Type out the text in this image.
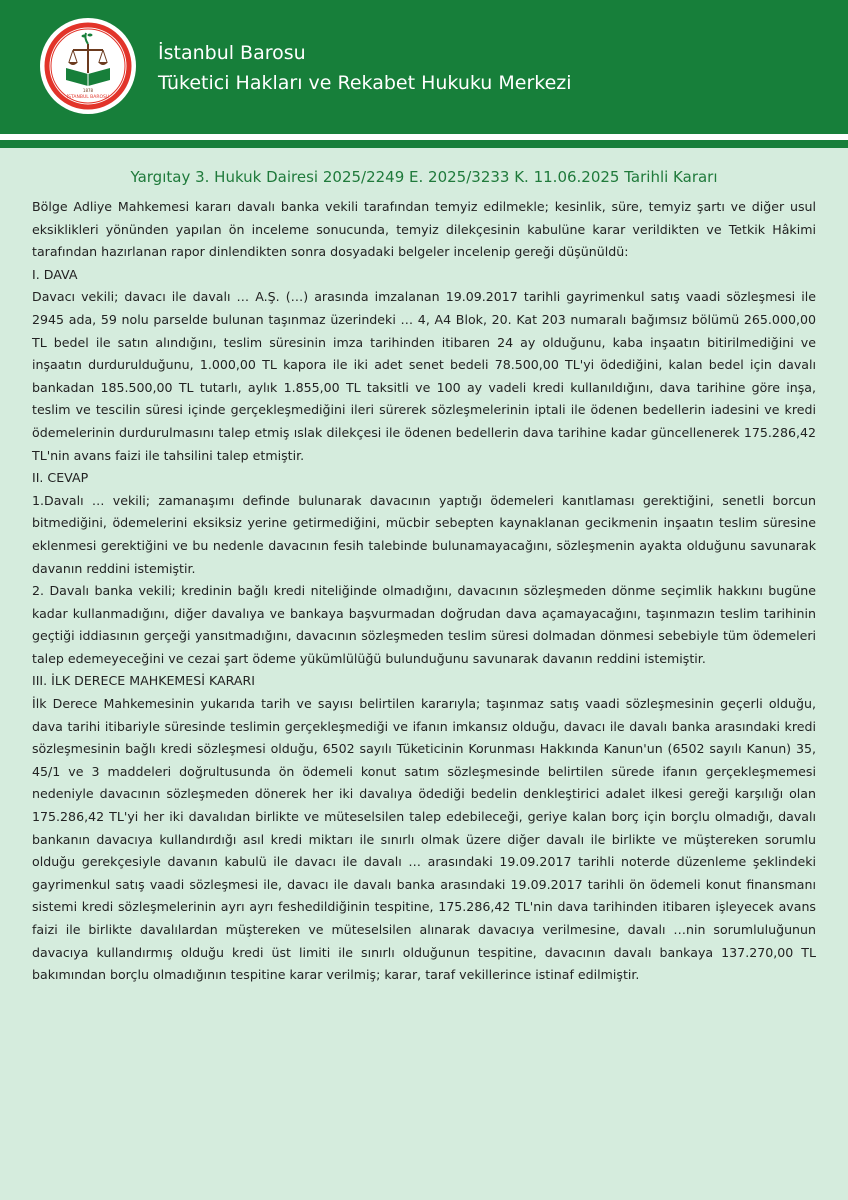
1878
İSTANBUL BAROSU
İstanbul Barosu
Tüketici Hakları ve Rekabet Hukuku Merkezi
Yargıtay 3. Hukuk Dairesi 2025/2249 E. 2025/3233 K. 11.06.2025 Tarihli Kararı

Bölge Adliye Mahkemesi kararı davalı banka vekili tarafından temyiz edilmekle; kesinlik, süre, temyiz şartı ve diğer usul eksiklikleri yönünden yapılan ön inceleme sonucunda, temyiz dilekçesinin kabulüne karar verildikten ve Tetkik Hâkimi tarafından hazırlanan rapor dinlendikten sonra dosyadaki belgeler incelenip gereği düşünüldü:

I. DAVA

Davacı vekili; davacı ile davalı … A.Ş. (…) arasında imzalanan 19.09.2017 tarihli gayrimenkul satış vaadi sözleşmesi ile 2945 ada, 59 nolu parselde bulunan taşınmaz üzerindeki … 4, A4 Blok, 20. Kat 203 numaralı bağımsız bölümü 265.000,00 TL bedel ile satın alındığını, teslim süresinin imza tarihinden itibaren 24 ay olduğunu, kaba inşaatın bitirilmediğini ve inşaatın durdurulduğunu, 1.000,00 TL kapora ile iki adet senet bedeli 78.500,00 TL'yi ödediğini, kalan bedel için davalı bankadan 185.500,00 TL tutarlı, aylık 1.855,00 TL taksitli ve 100 ay vadeli kredi kullanıldığını, dava tarihine göre inşa, teslim ve tescilin süresi içinde gerçekleşmediğini ileri sürerek sözleşmelerinin iptali ile ödenen bedellerin iadesini ve kredi ödemelerinin durdurulmasını talep etmiş ıslak dilekçesi ile ödenen bedellerin dava tarihine kadar güncellenerek 175.286,42 TL'nin avans faizi ile tahsilini talep etmiştir.

II. CEVAP

1.Davalı … vekili; zamanaşımı definde bulunarak davacının yaptığı ödemeleri kanıtlaması gerektiğini, senetli borcun bitmediğini, ödemelerini eksiksiz yerine getirmediğini, mücbir sebepten kaynaklanan gecikmenin inşaatın teslim süresine eklenmesi gerektiğini ve bu nedenle davacının fesih talebinde bulunamayacağını, sözleşmenin ayakta olduğunu savunarak davanın reddini istemiştir.

2. Davalı banka vekili; kredinin bağlı kredi niteliğinde olmadığını, davacının sözleşmeden dönme seçimlik hakkını bugüne kadar kullanmadığını, diğer davalıya ve bankaya başvurmadan doğrudan dava açamayacağını, taşınmazın teslim tarihinin geçtiği iddiasının gerçeği yansıtmadığını, davacının sözleşmeden teslim süresi dolmadan dönmesi sebebiyle tüm ödemeleri talep edemeyeceğini ve cezai şart ödeme yükümlülüğü bulunduğunu savunarak davanın reddini istemiştir.

III. İLK DERECE MAHKEMESİ KARARI

İlk Derece Mahkemesinin yukarıda tarih ve sayısı belirtilen kararıyla; taşınmaz satış vaadi sözleşmesinin geçerli olduğu, dava tarihi itibariyle süresinde teslimin gerçekleşmediği ve ifanın imkansız olduğu, davacı ile davalı banka arasındaki kredi sözleşmesinin bağlı kredi sözleşmesi olduğu, 6502 sayılı Tüketicinin Korunması Hakkında Kanun'un (6502 sayılı Kanun) 35, 45/1 ve 3 maddeleri doğrultusunda ön ödemeli konut satım sözleşmesinde belirtilen sürede ifanın gerçekleşmemesi nedeniyle davacının sözleşmeden dönerek her iki davalıya ödediği bedelin denkleştirici adalet ilkesi gereği karşılığı olan 175.286,42 TL'yi her iki davalıdan birlikte ve müteselsilen talep edebileceği, geriye kalan borç için borçlu olmadığı, davalı bankanın davacıya kullandırdığı asıl kredi miktarı ile sınırlı olmak üzere diğer davalı ile birlikte ve müştereken sorumlu olduğu gerekçesiyle davanın kabulü ile davacı ile davalı … arasındaki 19.09.2017 tarihli noterde düzenleme şeklindeki gayrimenkul satış vaadi sözleşmesi ile, davacı ile davalı banka arasındaki 19.09.2017 tarihli ön ödemeli konut finansmanı sistemi kredi sözleşmelerinin ayrı ayrı feshedildiğinin tespitine, 175.286,42 TL'nin dava tarihinden itibaren işleyecek avans faizi ile birlikte davalılardan müştereken ve müteselsilen alınarak davacıya verilmesine, davalı …nin sorumluluğunun davacıya kullandırmış olduğu kredi üst limiti ile sınırlı olduğunun tespitine, davacının davalı bankaya 137.270,00 TL bakımından borçlu olmadığının tespitine karar verilmiş; karar, taraf vekillerince istinaf edilmiştir.
